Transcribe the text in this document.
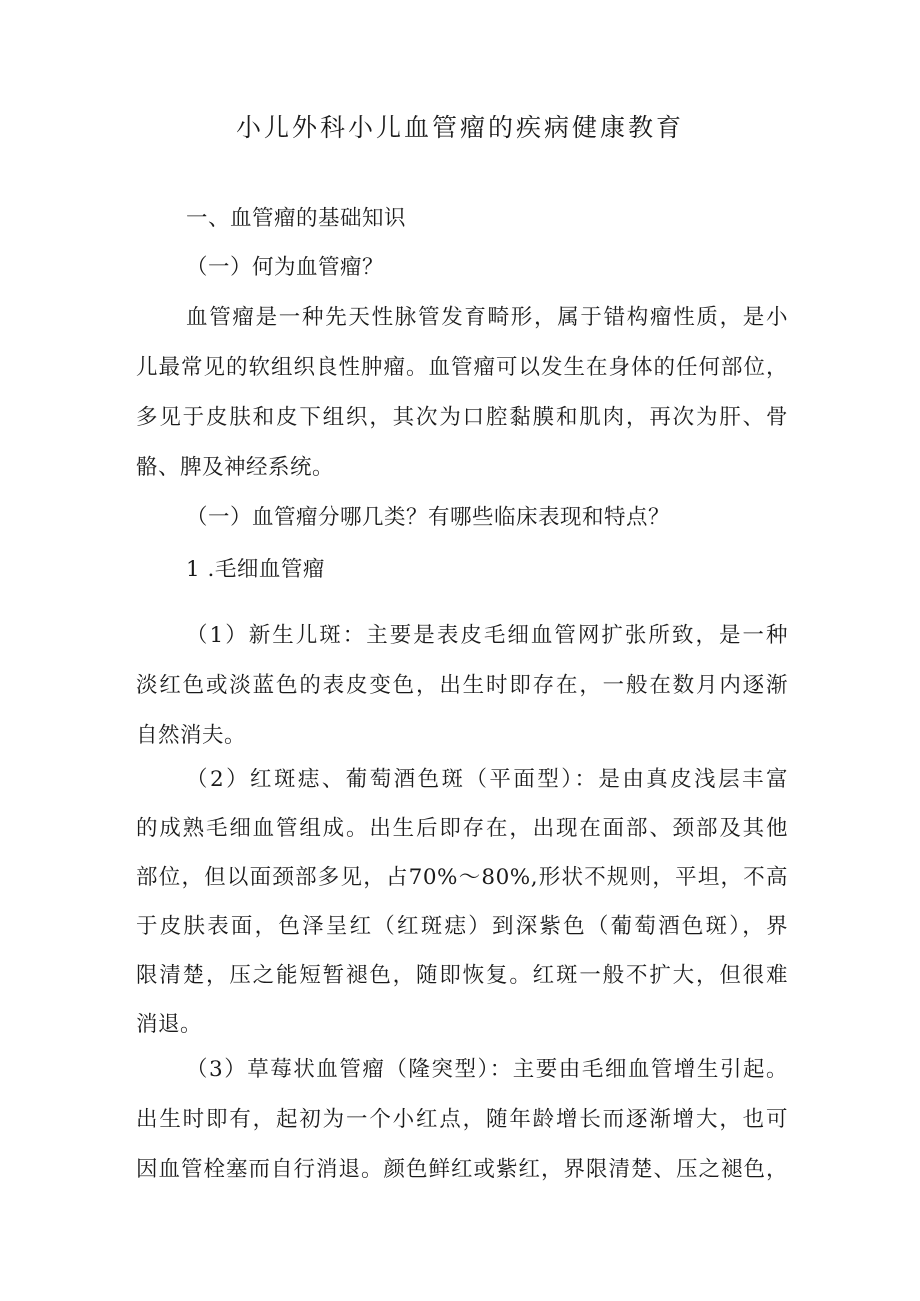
小儿外科小儿血管瘤的疾病健康教育
一、血管瘤的基础知识
（一）何为血管瘤？
血管瘤是一种先天性脉管发育畸形，属于错构瘤性质，是小
儿最常见的软组织良性肿瘤。血管瘤可以发生在身体的任何部位，
多见于皮肤和皮下组织，其次为口腔黏膜和肌肉，再次为肝、骨
骼、脾及神经系统。
（一）血管瘤分哪几类？有哪些临床表现和特点？
1 .毛细血管瘤
（1）新生儿斑：主要是表皮毛细血管网扩张所致，是一种
淡红色或淡蓝色的表皮变色，出生时即存在，一般在数月内逐渐
自然消夫。
（2）红斑痣、葡萄酒色斑（平面型）：是由真皮浅层丰富
的成熟毛细血管组成。出生后即存在，出现在面部、颈部及其他
部位，但以面颈部多见，占70%～80%,形状不规则，平坦，不高
于皮肤表面，色泽呈红（红斑痣）到深紫色（葡萄酒色斑），界
限清楚，压之能短暂褪色，随即恢复。红斑一般不扩大，但很难
消退。
（3）草莓状血管瘤（隆突型）：主要由毛细血管增生引起。
出生时即有，起初为一个小红点，随年龄增长而逐渐增大，也可
因血管栓塞而自行消退。颜色鲜红或紫红，界限清楚、压之褪色，
